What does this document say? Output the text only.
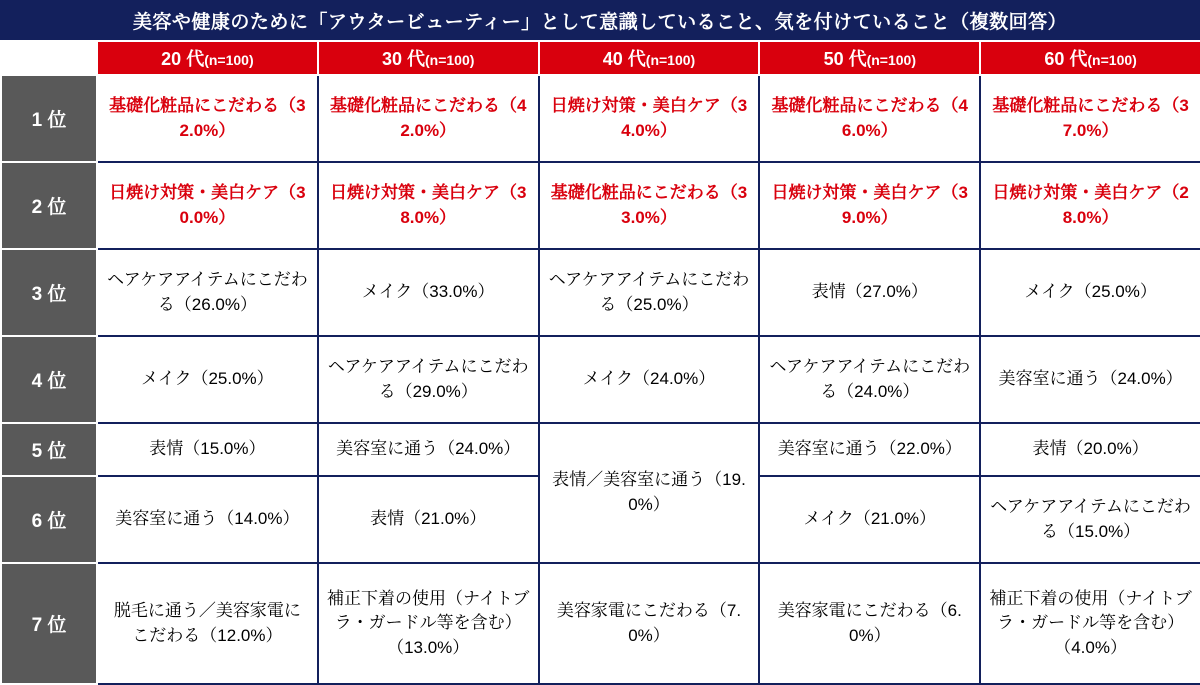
美容や健康のために「アウタービューティー」として意識していること、気を付けていること（複数回答）
	20 代(n=100)	30 代(n=100)	40 代(n=100)	50 代(n=100)	60 代(n=100)
1 位	基礎化粧品にこだわる（32.0%）	基礎化粧品にこだわる（42.0%）	日焼け対策・美白ケア（34.0%）	基礎化粧品にこだわる（46.0%）	基礎化粧品にこだわる（37.0%）
2 位	日焼け対策・美白ケア（30.0%）	日焼け対策・美白ケア（38.0%）	基礎化粧品にこだわる（33.0%）	日焼け対策・美白ケア（39.0%）	日焼け対策・美白ケア（28.0%）
3 位	ヘアケアアイテムにこだわる（26.0%）	メイク（33.0%）	ヘアケアアイテムにこだわる（25.0%）	表情（27.0%）	メイク（25.0%）
4 位	メイク（25.0%）	ヘアケアアイテムにこだわる（29.0%）	メイク（24.0%）	ヘアケアアイテムにこだわる（24.0%）	美容室に通う（24.0%）
5 位	表情（15.0%）	美容室に通う（24.0%）	表情／美容室に通う（19.0%）	美容室に通う（22.0%）	表情（20.0%）
6 位	美容室に通う（14.0%）	表情（21.0%）		メイク（21.0%）	ヘアケアアイテムにこだわる（15.0%）
7 位	脱毛に通う／美容家電にこだわる（12.0%）	補正下着の使用（ナイトブラ・ガードル等を含む）（13.0%）	美容家電にこだわる（7.0%）	美容家電にこだわる（6.0%）	補正下着の使用（ナイトブラ・ガードル等を含む）（4.0%）
